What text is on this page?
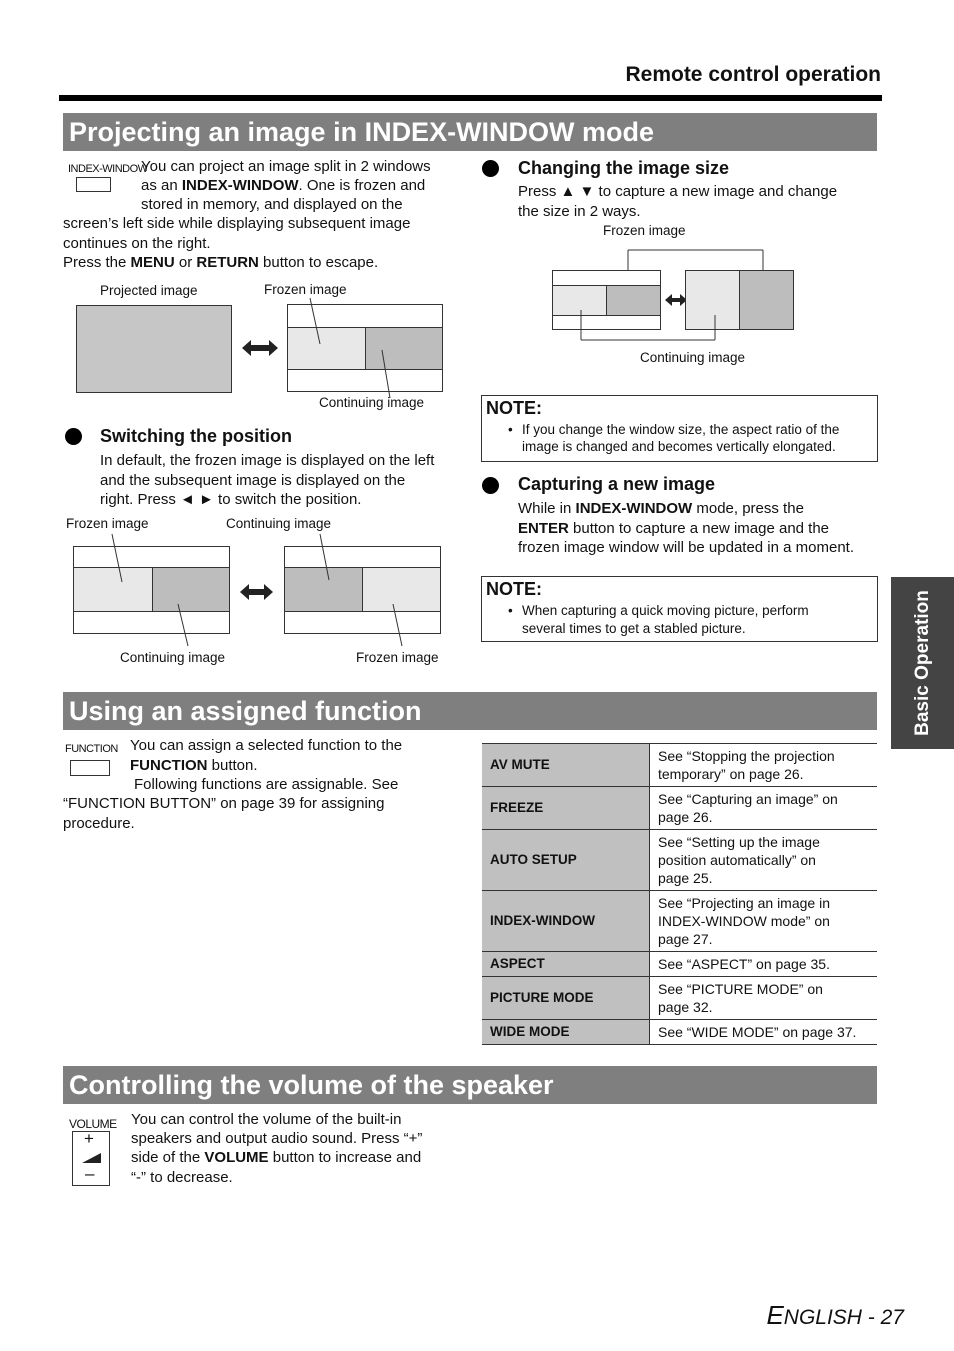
Remote control operation
Basic Operation
Projecting an image in INDEX-WINDOW mode
INDEX-WINDOW
You can project an image split in 2 windows
as an INDEX-WINDOW. One is frozen and
stored in memory, and displayed on the
screen’s left side while displaying subsequent image
continues on the right.
Press the MENU or RETURN button to escape.
Projected image	Frozen image
Continuing image
Switching the position
In default, the frozen image is displayed on the left
and the subsequent image is displayed on the
right. Press ◄ ► to switch the position.
Frozen image	Continuing image
Continuing image	Frozen image
Changing the image size
Press ▲ ▼ to capture a new image and change
the size in 2 ways.
Frozen image
Continuing image
NOTE:
• If you change the window size, the aspect ratio of the
image is changed and becomes vertically elongated.
Capturing a new image
While in INDEX-WINDOW mode, press the
ENTER button to capture a new image and the
frozen image window will be updated in a moment.
NOTE:
• When capturing a quick moving picture, perform
several times to get a stabled picture.
Using an assigned function
FUNCTION You can assign a selected function to the
FUNCTION button.
Following functions are assignable. See
“FUNCTION BUTTON” on page 39 for assigning
procedure.
AV MUTE	See “Stopping the projection
temporary” on page 26.

FREEZE	See “Capturing an image” on
page 26.

AUTO SETUP	See “Setting up the image
position automatically” on
page 25.

INDEX-WINDOW	See “Projecting an image in
INDEX-WINDOW mode” on
page 27.

ASPECT	See “ASPECT” on page 35.

PICTURE MODE	See “PICTURE MODE” on
page 32.

WIDE MODE	See “WIDE MODE” on page 37.
Controlling the volume of the speaker
VOLUME
+
–
You can control the volume of the built-in
speakers and output audio sound. Press “+”
side of the VOLUME button to increase and
“-” to decrease.
ENGLISH - 27
